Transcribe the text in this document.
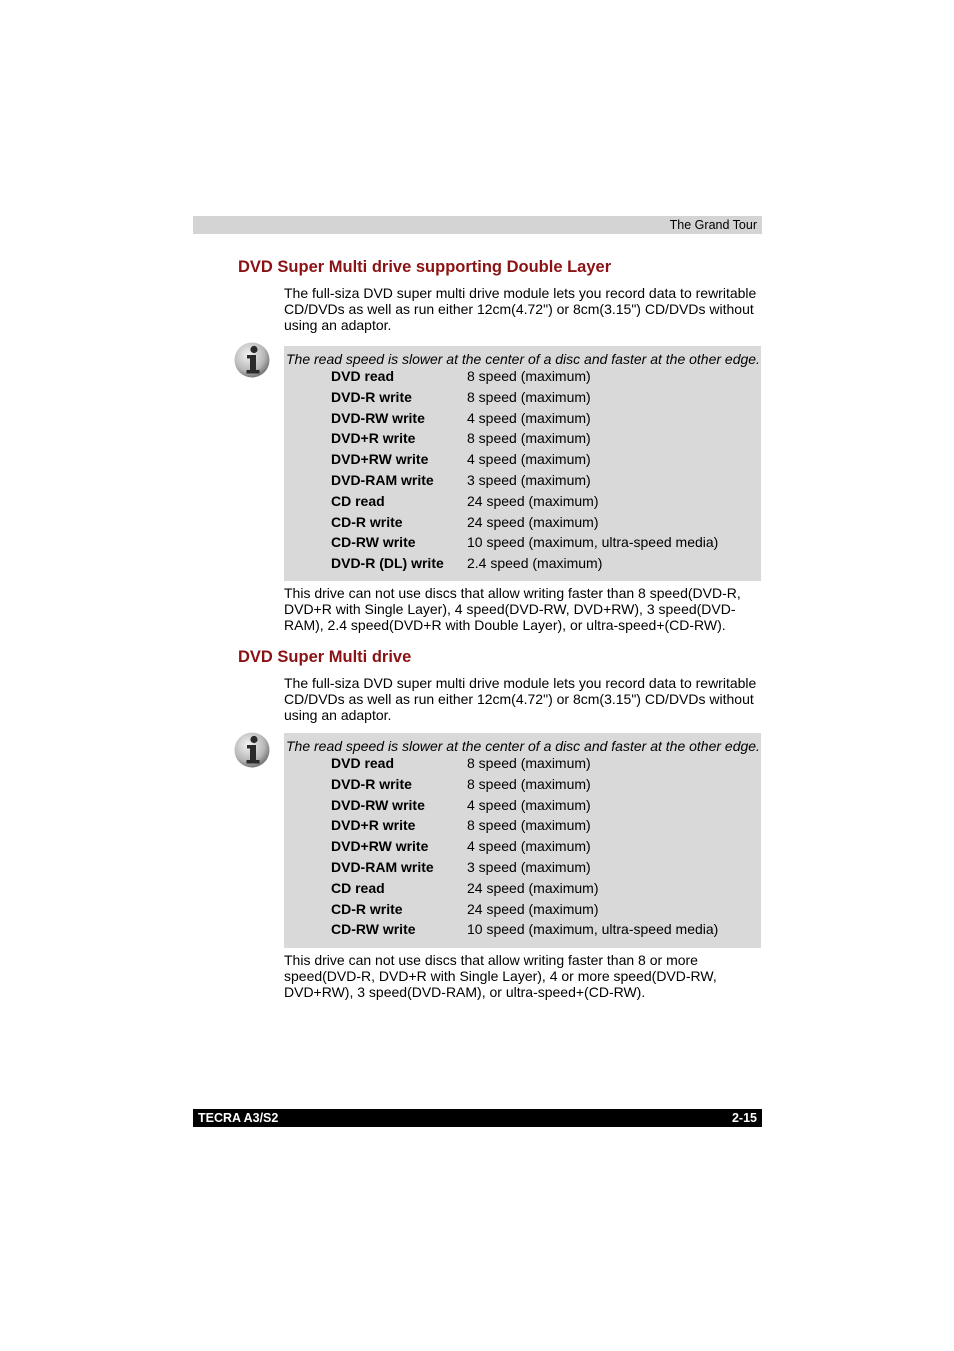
The Grand Tour
DVD Super Multi drive supporting Double Layer

The full-siza DVD super multi drive module lets you record data to rewritable CD/DVDs as well as run either 12cm(4.72") or 8cm(3.15") CD/DVDs without using an adaptor.

The read speed is slower at the center of a disc and faster at the other edge.

DVD read	8 speed (maximum)
DVD-R write	8 speed (maximum)
DVD-RW write	4 speed (maximum)
DVD+R write	8 speed (maximum)
DVD+RW write	4 speed (maximum)
DVD-RAM write 3 speed (maximum)
CD read	24 speed (maximum)
CD-R write	24 speed (maximum)
CD-RW write	10 speed (maximum, ultra-speed media)
DVD-R (DL) write 2.4 speed (maximum)

This drive can not use discs that allow writing faster than 8 speed(DVD-R, DVD+R with Single Layer), 4 speed(DVD-RW, DVD+RW), 3 speed(DVD-RAM), 2.4 speed(DVD+R with Double Layer), or ultra-speed+(CD-RW).

DVD Super Multi drive

The full-siza DVD super multi drive module lets you record data to rewritable CD/DVDs as well as run either 12cm(4.72") or 8cm(3.15") CD/DVDs without using an adaptor.

The read speed is slower at the center of a disc and faster at the other edge.

DVD read	8 speed (maximum)
DVD-R write	8 speed (maximum)
DVD-RW write	4 speed (maximum)
DVD+R write	8 speed (maximum)
DVD+RW write	4 speed (maximum)
DVD-RAM write 3 speed (maximum)
CD read	24 speed (maximum)
CD-R write	24 speed (maximum)
CD-RW write	10 speed (maximum, ultra-speed media)

This drive can not use discs that allow writing faster than 8 or more speed(DVD-R, DVD+R with Single Layer), 4 or more speed(DVD-RW, DVD+RW), 3 speed(DVD-RAM), or ultra-speed+(CD-RW).

TECRA A3/S2	2-15
